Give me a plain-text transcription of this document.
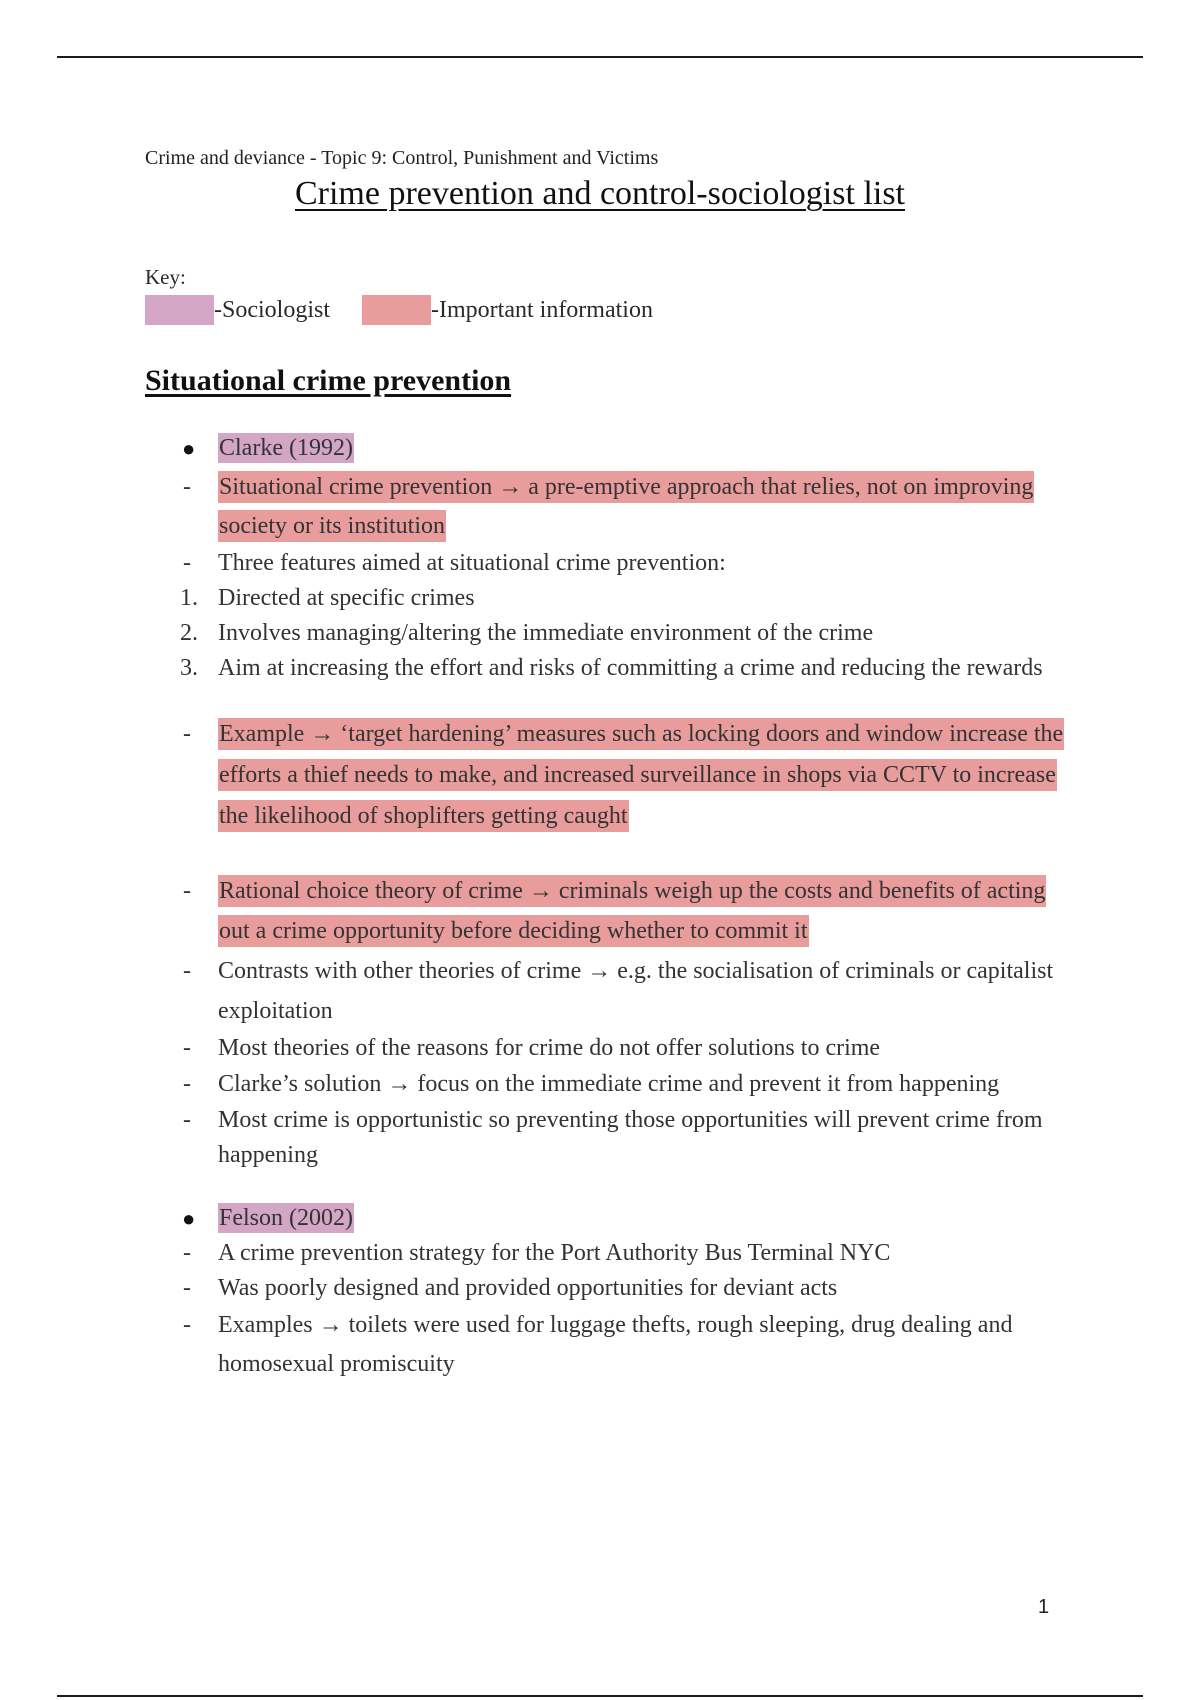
Crime and deviance - Topic 9: Control, Punishment and Victims
Crime prevention and control-sociologist list
Key:
-Sociologist	-Important information
Situational crime prevention
● Clarke (1992)
-	Situational crime prevention → a pre-emptive approach that relies, not on improving society or its institution
-	Three features aimed at situational crime prevention:
1. Directed at specific crimes
2. Involves managing/altering the immediate environment of the crime
3. Aim at increasing the effort and risks of committing a crime and reducing the rewards
-	Example → ‘target hardening’ measures such as locking doors and window increase the efforts a thief needs to make, and increased surveillance in shops via CCTV to increase the likelihood of shoplifters getting caught
-	Rational choice theory of crime → criminals weigh up the costs and benefits of acting out a crime opportunity before deciding whether to commit it
-	Contrasts with other theories of crime → e.g. the socialisation of criminals or capitalist exploitation
-	Most theories of the reasons for crime do not offer solutions to crime
-	Clarke’s solution → focus on the immediate crime and prevent it from happening
-	Most crime is opportunistic so preventing those opportunities will prevent crime from happening
● Felson (2002)
-	A crime prevention strategy for the Port Authority Bus Terminal NYC
-	Was poorly designed and provided opportunities for deviant acts
-	Examples → toilets were used for luggage thefts, rough sleeping, drug dealing and homosexual promiscuity
1
